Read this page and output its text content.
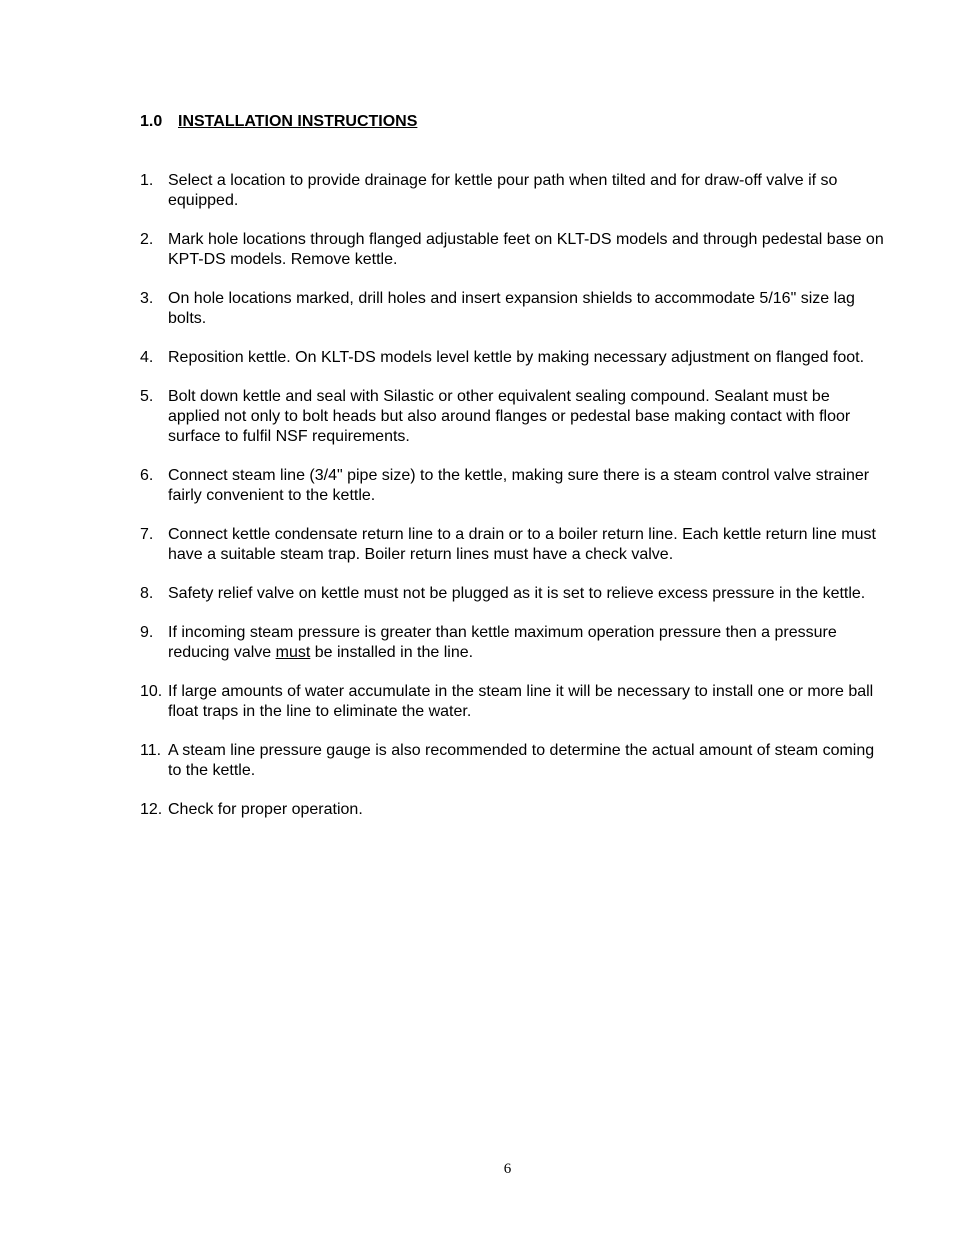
1.0 INSTALLATION INSTRUCTIONS
1. Select a location to provide drainage for kettle pour path when tilted and for draw-off valve if so equipped.
2. Mark hole locations through flanged adjustable feet on KLT-DS models and through pedestal base on KPT-DS models. Remove kettle.
3. On hole locations marked, drill holes and insert expansion shields to accommodate 5/16" size lag bolts.
4. Reposition kettle. On KLT-DS models level kettle by making necessary adjustment on flanged foot.
5. Bolt down kettle and seal with Silastic or other equivalent sealing compound. Sealant must be applied not only to bolt heads but also around flanges or pedestal base making contact with floor surface to fulfil NSF requirements.
6. Connect steam line (3/4" pipe size) to the kettle, making sure there is a steam control valve strainer fairly convenient to the kettle.
7. Connect kettle condensate return line to a drain or to a boiler return line. Each kettle return line must have a suitable steam trap. Boiler return lines must have a check valve.
8. Safety relief valve on kettle must not be plugged as it is set to relieve excess pressure in the kettle.
9. If incoming steam pressure is greater than kettle maximum operation pressure then a pressure reducing valve must be installed in the line.
10. If large amounts of water accumulate in the steam line it will be necessary to install one or more ball float traps in the line to eliminate the water.
11. A steam line pressure gauge is also recommended to determine the actual amount of steam coming to the kettle.
12. Check for proper operation.
6
